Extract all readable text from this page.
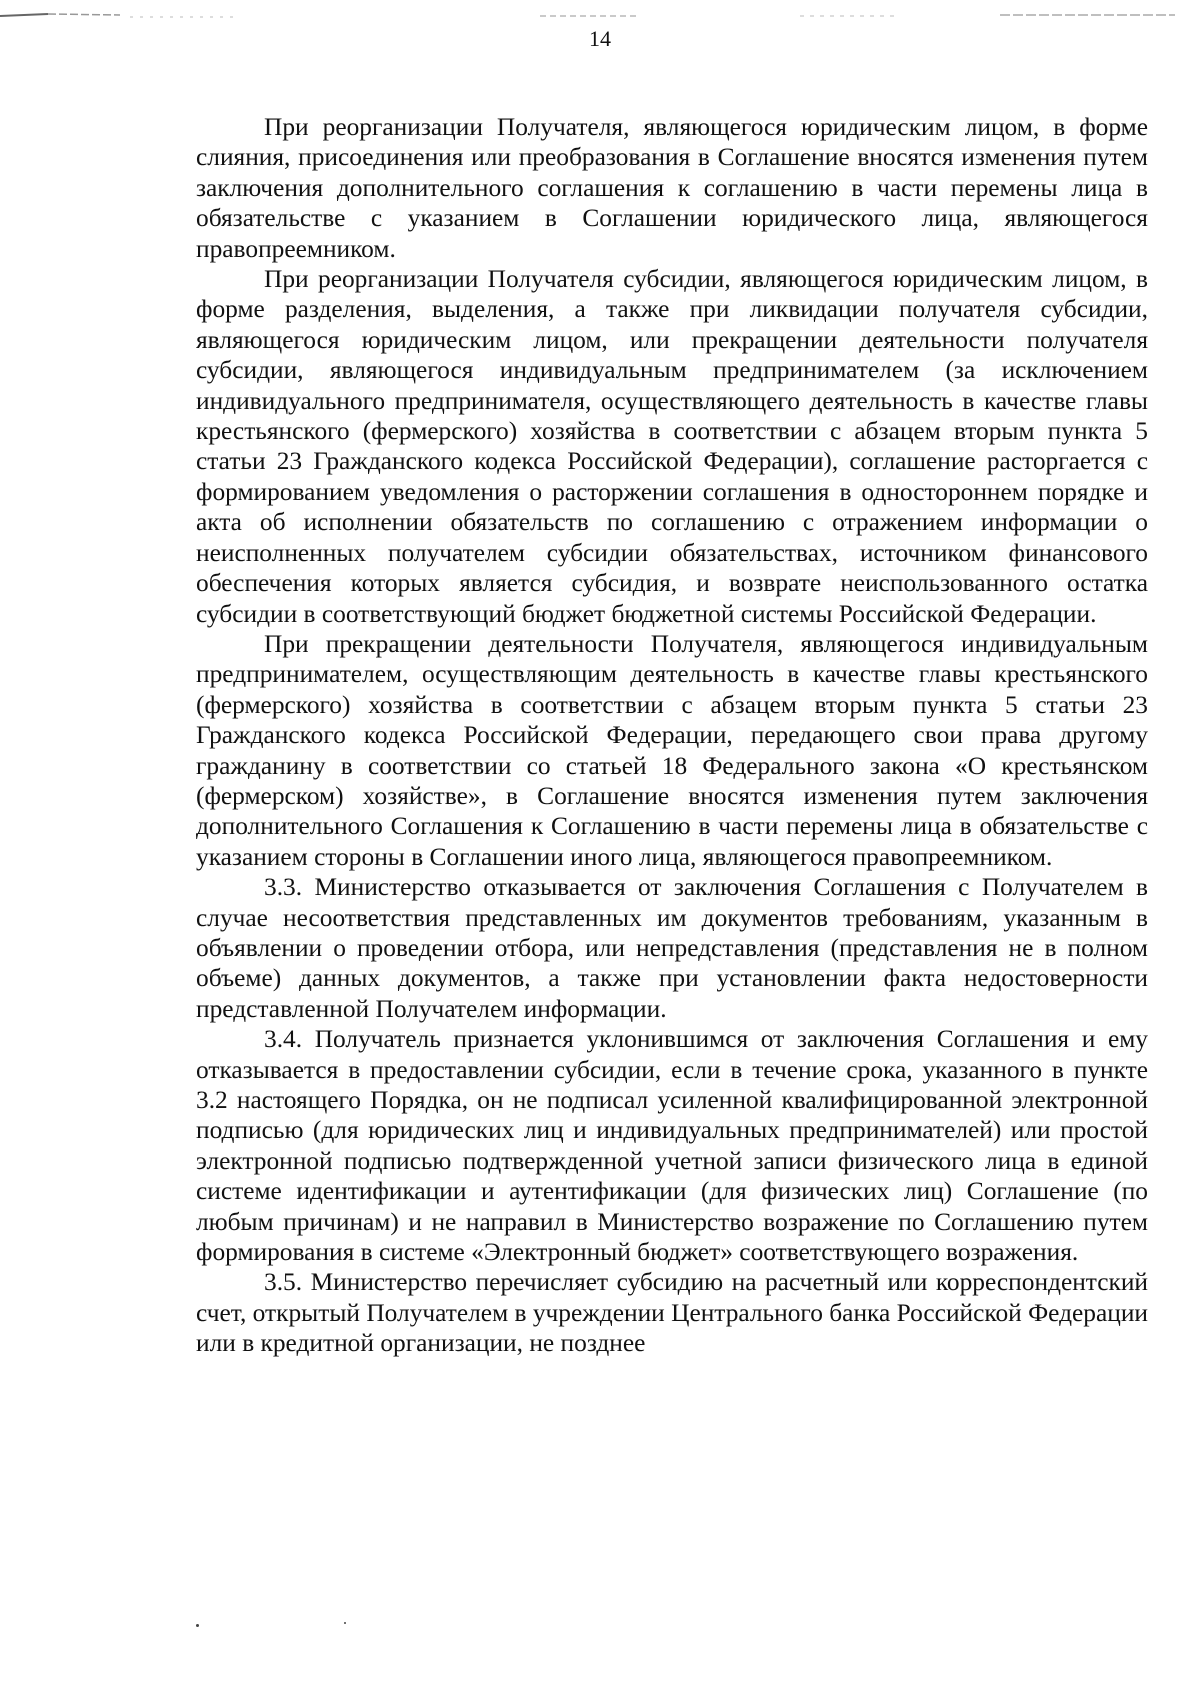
14

При реорганизации Получателя, являющегося юридическим лицом, в форме слияния, присоединения или преобразования в Соглашение вносятся изменения путем заключения дополнительного соглашения к соглашению в части перемены лица в обязательстве с указанием в Соглашении юридического лица, являющегося правопреемником.

При реорганизации Получателя субсидии, являющегося юридическим лицом, в форме разделения, выделения, а также при ликвидации получателя субсидии, являющегося юридическим лицом, или прекращении деятельности получателя субсидии, являющегося индивидуальным предпринимателем (за исключением индивидуального предпринимателя, осуществляющего деятельность в качестве главы крестьянского (фермерского) хозяйства в соответствии с абзацем вторым пункта 5 статьи 23 Гражданского кодекса Российской Федерации), соглашение расторгается с формированием уведомления о расторжении соглашения в одностороннем порядке и акта об исполнении обязательств по соглашению с отражением информации о неисполненных получателем субсидии обязательствах, источником финансового обеспечения которых является субсидия, и возврате неиспользованного остатка субсидии в соответствующий бюджет бюджетной системы Российской Федерации.

При прекращении деятельности Получателя, являющегося индивидуальным предпринимателем, осуществляющим деятельность в качестве главы крестьянского (фермерского) хозяйства в соответствии с абзацем вторым пункта 5 статьи 23 Гражданского кодекса Российской Федерации, передающего свои права другому гражданину в соответствии со статьей 18 Федерального закона «О крестьянском (фермерском) хозяйстве», в Соглашение вносятся изменения путем заключения дополнительного Соглашения к Соглашению в части перемены лица в обязательстве с указанием стороны в Соглашении иного лица, являющегося правопреемником.

3.3. Министерство отказывается от заключения Соглашения с Получателем в случае несоответствия представленных им документов требованиям, указанным в объявлении о проведении отбора, или непредставления (представления не в полном объеме) данных документов, а также при установлении факта недостоверности представленной Получателем информации.

3.4. Получатель признается уклонившимся от заключения Соглашения и ему отказывается в предоставлении субсидии, если в течение срока, указанного в пункте 3.2 настоящего Порядка, он не подписал усиленной квалифицированной электронной подписью (для юридических лиц и индивидуальных предпринимателей) или простой электронной подписью подтвержденной учетной записи физического лица в единой системе идентификации и аутентификации (для физических лиц) Соглашение (по любым причинам) и не направил в Министерство возражение по Соглашению путем формирования в системе «Электронный бюджет» соответствующего возражения.

3.5. Министерство перечисляет субсидию на расчетный или корреспондентский счет, открытый Получателем в учреждении Центрального банка Российской Федерации или в кредитной организации, не позднее
